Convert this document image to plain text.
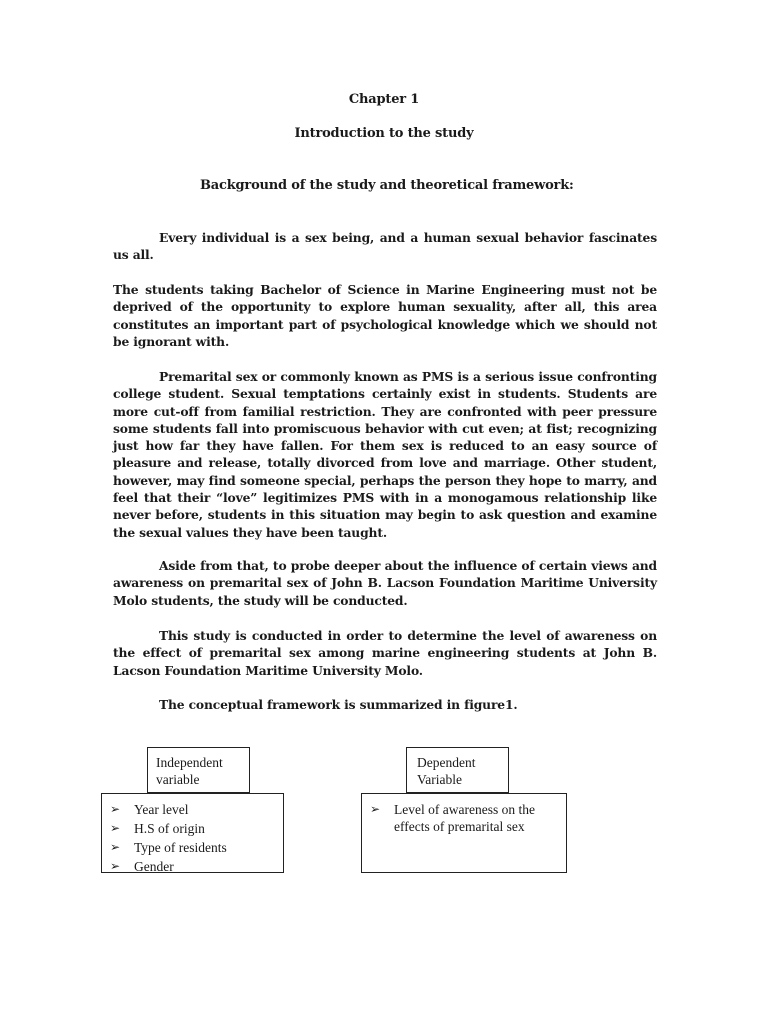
Chapter 1
Introduction to the study
Background of the study and theoretical framework:

Every individual is a sex being, and a human sexual behavior fascinates us all.

The students taking Bachelor of Science in Marine Engineering must not be deprived of the opportunity to explore human sexuality, after all, this area constitutes an important part of psychological knowledge which we should not be ignorant with.

Premarital sex or commonly known as PMS is a serious issue confronting college student. Sexual temptations certainly exist in students. Students are more cut-off from familial restriction. They are confronted with peer pressure some students fall into promiscuous behavior with cut even; at fist; recognizing just how far they have fallen. For them sex is reduced to an easy source of pleasure and release, totally divorced from love and marriage. Other student, however, may find someone special, perhaps the person they hope to marry, and feel that their “love” legitimizes PMS with in a monogamous relationship like never before, students in this situation may begin to ask question and examine the sexual values they have been taught.

Aside from that, to probe deeper about the influence of certain views and awareness on premarital sex of John B. Lacson Foundation Maritime University Molo students, the study will be conducted.

This study is conducted in order to determine the level of awareness on the effect of premarital sex among marine engineering students at John B. Lacson Foundation Maritime University Molo.

The conceptual framework is summarized in figure1.

Independent variable
Dependent Variable
➢ Year level
➢ H.S of origin
➢ Type of residents
➢ Gender
➢ Level of awareness on the effects of premarital sex
